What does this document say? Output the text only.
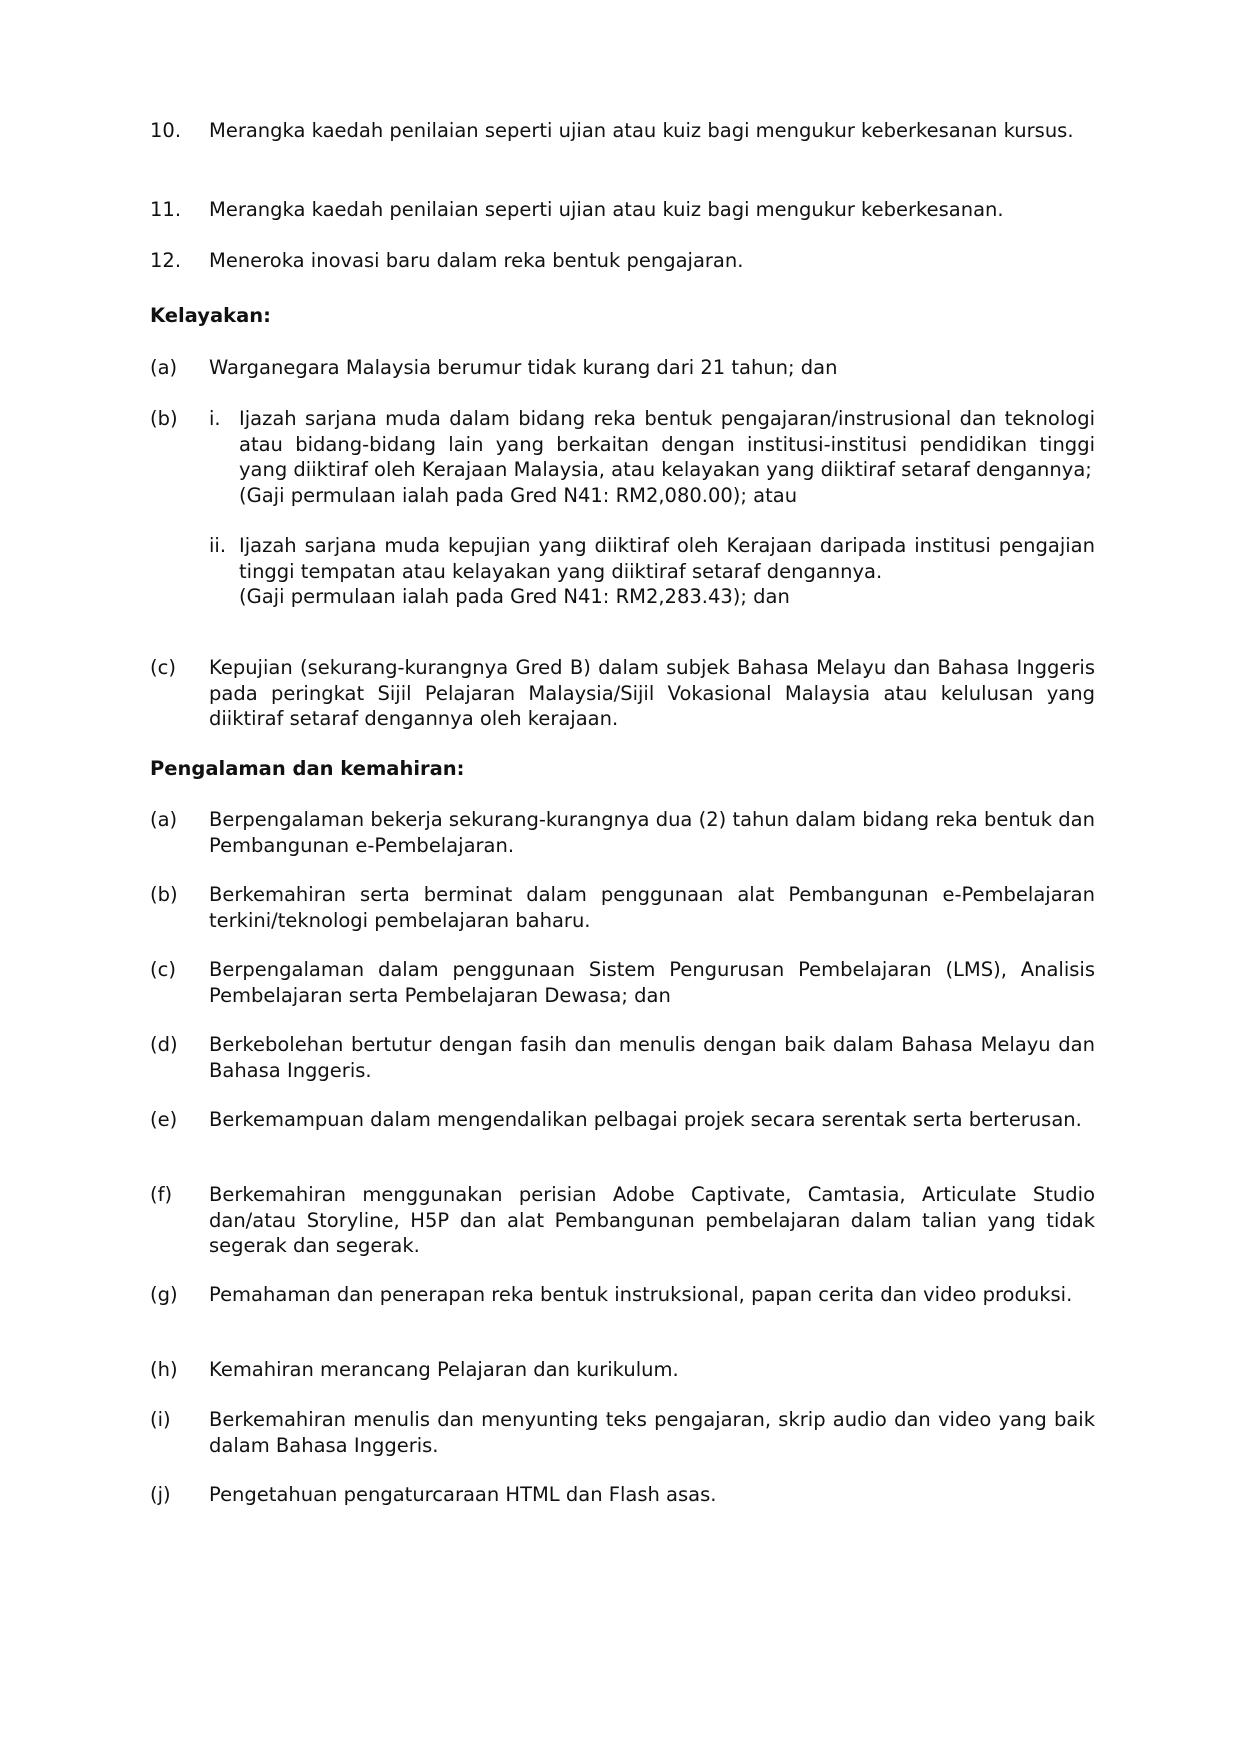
10. Merangka kaedah penilaian seperti ujian atau kuiz bagi mengukur keberkesanan kursus.
11. Merangka kaedah penilaian seperti ujian atau kuiz bagi mengukur keberkesanan.
12. Meneroka inovasi baru dalam reka bentuk pengajaran.
Kelayakan:
(a) Warganegara Malaysia berumur tidak kurang dari 21 tahun; dan
(b) i. Ijazah sarjana muda dalam bidang reka bentuk pengajaran/instrusional dan teknologi atau bidang-bidang lain yang berkaitan dengan institusi-institusi pendidikan tinggi yang diiktiraf oleh Kerajaan Malaysia, atau kelayakan yang diiktiraf setaraf dengannya;
(Gaji permulaan ialah pada Gred N41: RM2,080.00); atau
ii. Ijazah sarjana muda kepujian yang diiktiraf oleh Kerajaan daripada institusi pengajian tinggi tempatan atau kelayakan yang diiktiraf setaraf dengannya.
(Gaji permulaan ialah pada Gred N41: RM2,283.43); dan
(c) Kepujian (sekurang-kurangnya Gred B) dalam subjek Bahasa Melayu dan Bahasa Inggeris pada peringkat Sijil Pelajaran Malaysia/Sijil Vokasional Malaysia atau kelulusan yang diiktiraf setaraf dengannya oleh kerajaan.
Pengalaman dan kemahiran:
(a) Berpengalaman bekerja sekurang-kurangnya dua (2) tahun dalam bidang reka bentuk dan Pembangunan e-Pembelajaran.
(b) Berkemahiran serta berminat dalam penggunaan alat Pembangunan e-Pembelajaran terkini/teknologi pembelajaran baharu.
(c) Berpengalaman dalam penggunaan Sistem Pengurusan Pembelajaran (LMS), Analisis Pembelajaran serta Pembelajaran Dewasa; dan
(d) Berkebolehan bertutur dengan fasih dan menulis dengan baik dalam Bahasa Melayu dan Bahasa Inggeris.
(e) Berkemampuan dalam mengendalikan pelbagai projek secara serentak serta berterusan.
(f) Berkemahiran menggunakan perisian Adobe Captivate, Camtasia, Articulate Studio dan/atau Storyline, H5P dan alat Pembangunan pembelajaran dalam talian yang tidak segerak dan segerak.
(g) Pemahaman dan penerapan reka bentuk instruksional, papan cerita dan video produksi.
(h) Kemahiran merancang Pelajaran dan kurikulum.
(i) Berkemahiran menulis dan menyunting teks pengajaran, skrip audio dan video yang baik dalam Bahasa Inggeris.
(j) Pengetahuan pengaturcaraan HTML dan Flash asas.
